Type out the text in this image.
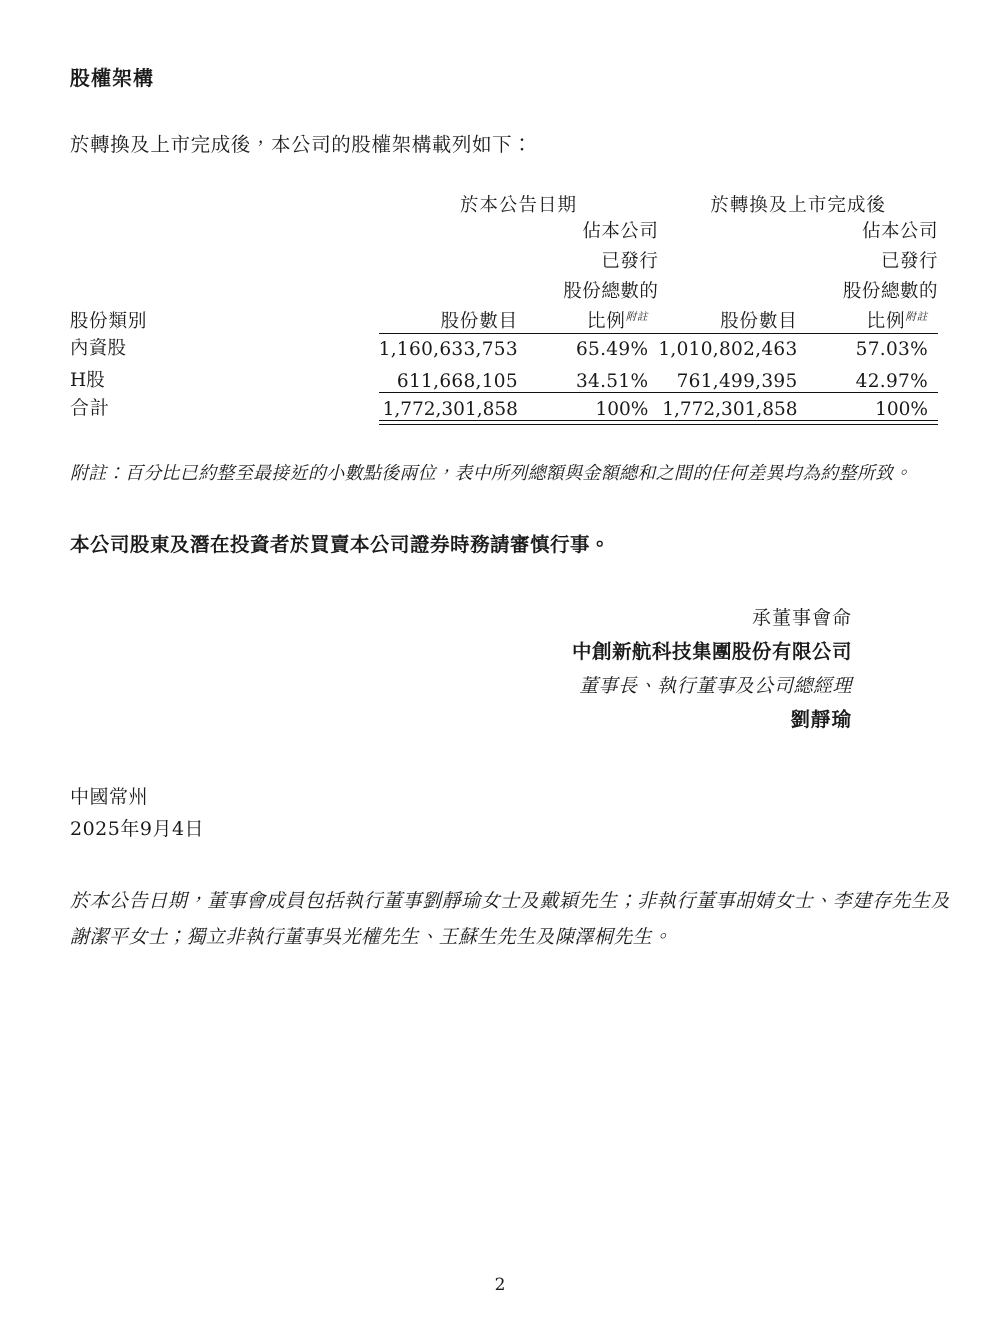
股權架構

於轉換及上市完成後，本公司的股權架構載列如下：

	於本公告日期		於轉換及上市完成後	
		佔本公司		佔本公司
		已發行		已發行
		股份總數的		股份總數的
股份類別	股份數目	比例$^{附註}$	股份數目	比例$^{附註}$

內資股	1,160,633,753	65.49%	1,010,802,463	57.03%
H股	611,668,105	34.51%	761,499,395	42.97%

合計	1,772,301,858	100%	1,772,301,858	100%

附註：百分比已約整至最接近的小數點後兩位，表中所列總額與金額總和之間的任何差異均為約整所致。

本公司股東及潛在投資者於買賣本公司證券時務請審慎行事。

承董事會命
中創新航科技集團股份有限公司
董事長、執行董事及公司總經理
劉靜瑜
中國常州
2025年9月4日

於本公告日期，董事會成員包括執行董事劉靜瑜女士及戴穎先生；非執行董事胡婧女士、李建存先生及謝潔平女士；獨立非執行董事吳光權先生、王蘇生先生及陳澤桐先生。

2
